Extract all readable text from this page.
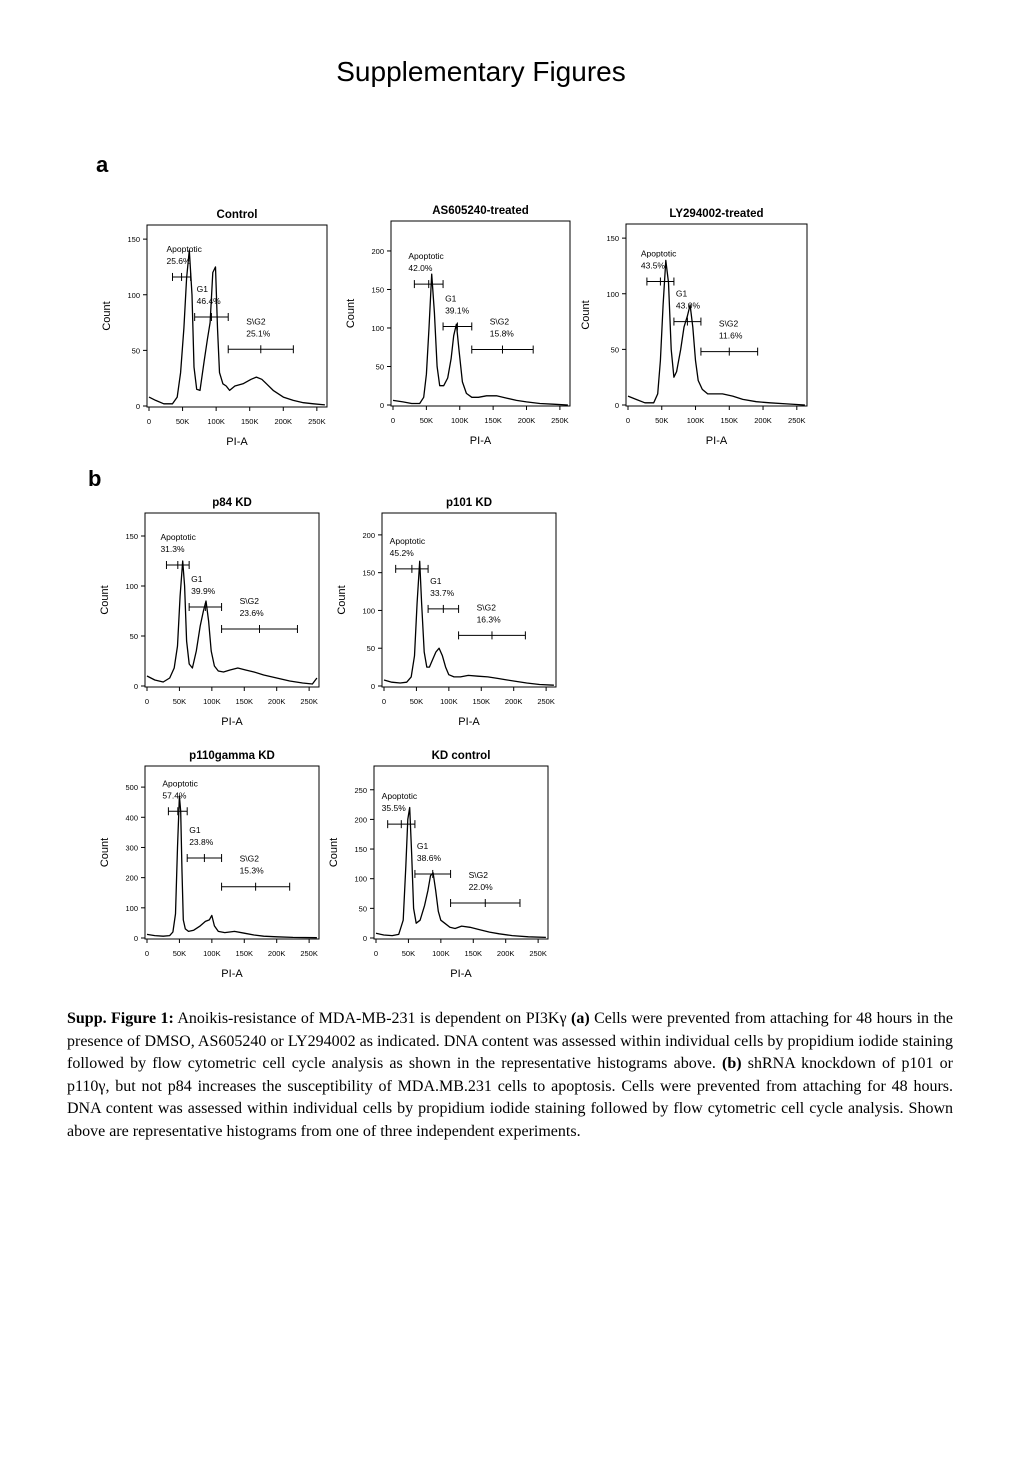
Supplementary Figures
a
b
Control
0
50
100
150
0	50K 100K 150K 200K 250K
PI-A
Count
Apoptotic
25.6%
G1
46.4%
S\G2
25.1%
AS605240-treated
0
50
100
150
200
0	50K 100K 150K 200K 250K
PI-A
Count
Apoptotic
42.0%
G1
39.1%
S\G2
15.8%
LY294002-treated
0
50
100
150
0	50K 100K 150K 200K 250K
PI-A
Count
Apoptotic
43.5%
G1
43.0%
S\G2
11.6%
p84 KD
0
50
100
150
0	50K 100K 150K 200K 250K
PI-A
Count
Apoptotic
31.3%
G1
39.9%
S\G2
23.6%
p101 KD
0
50
100
150
200
0	50K 100K 150K 200K 250K
PI-A
Count
Apoptotic
45.2%
G1
33.7%
S\G2
16.3%
p110gamma KD
0
100
200
300
400
500
0	50K 100K 150K 200K 250K
PI-A
Count
Apoptotic
57.4%
G1
23.8%
S\G2
15.3%
KD control
0
50
100
150
200
250
0	50K 100K 150K 200K 250K
PI-A
Count
Apoptotic
35.5%
G1
38.6%
S\G2
22.0%

Supp. Figure 1: Anoikis-resistance of MDA-MB-231 is dependent on PI3Kγ (a) Cells were prevented from attaching for 48 hours in the presence of DMSO, AS605240 or LY294002 as indicated. DNA content was assessed within individual cells by propidium iodide staining followed by flow cytometric cell cycle analysis as shown in the representative histograms above. (b) shRNA knockdown of p101 or p110γ, but not p84 increases the susceptibility of MDA.MB.231 cells to apoptosis. Cells were prevented from attaching for 48 hours. DNA content was assessed within individual cells by propidium iodide staining followed by flow cytometric cell cycle analysis. Shown above are representative histograms from one of three independent experiments.
